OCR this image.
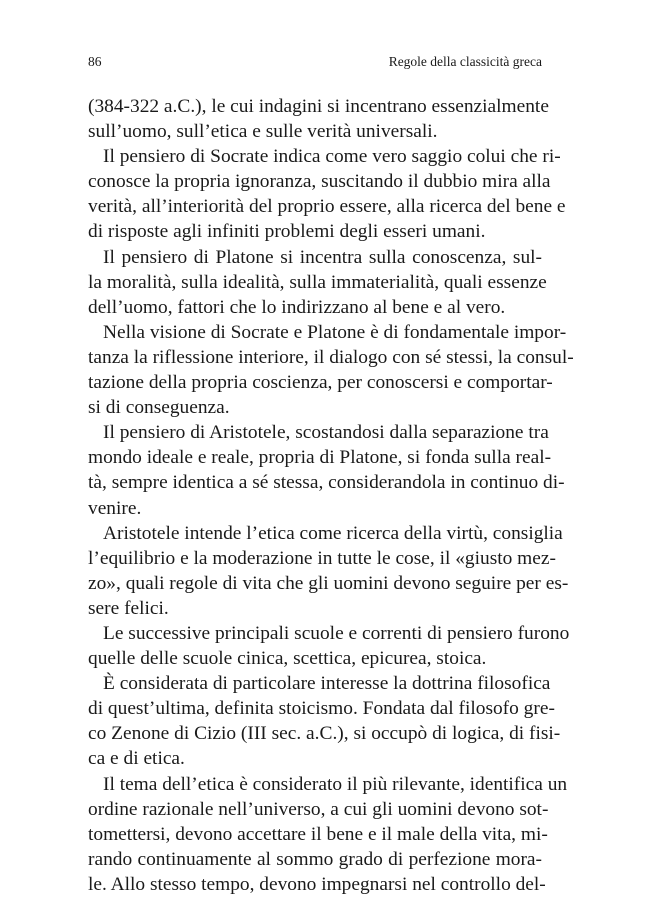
86	Regole della classicità greca
(384-322 a.C.), le cui indagini si incentrano essenzialmente
sull’uomo, sull’etica e sulle verità universali.
Il pensiero di Socrate indica come vero saggio colui che ri-
conosce la propria ignoranza, suscitando il dubbio mira alla
verità, all’interiorità del proprio essere, alla ricerca del bene e
di risposte agli infiniti problemi degli esseri umani.
Il pensiero di Platone si incentra sulla conoscenza, sul-
la moralità, sulla idealità, sulla immaterialità, quali essenze
dell’uomo, fattori che lo indirizzano al bene e al vero.
Nella visione di Socrate e Platone è di fondamentale impor-
tanza la riflessione interiore, il dialogo con sé stessi, la consul-
tazione della propria coscienza, per conoscersi e comportar-
si di conseguenza.
Il pensiero di Aristotele, scostandosi dalla separazione tra
mondo ideale e reale, propria di Platone, si fonda sulla real-
tà, sempre identica a sé stessa, considerandola in continuo di-
venire.
Aristotele intende l’etica come ricerca della virtù, consiglia
l’equilibrio e la moderazione in tutte le cose, il «giusto mez-
zo», quali regole di vita che gli uomini devono seguire per es-
sere felici.
Le successive principali scuole e correnti di pensiero furono
quelle delle scuole cinica, scettica, epicurea, stoica.
È considerata di particolare interesse la dottrina filosofica
di quest’ultima, definita stoicismo. Fondata dal filosofo gre-
co Zenone di Cizio (III sec. a.C.), si occupò di logica, di fisi-
ca e di etica.
Il tema dell’etica è considerato il più rilevante, identifica un
ordine razionale nell’universo, a cui gli uomini devono sot-
tomettersi, devono accettare il bene e il male della vita, mi-
rando continuamente al sommo grado di perfezione mora-
le. Allo stesso tempo, devono impegnarsi nel controllo del-
